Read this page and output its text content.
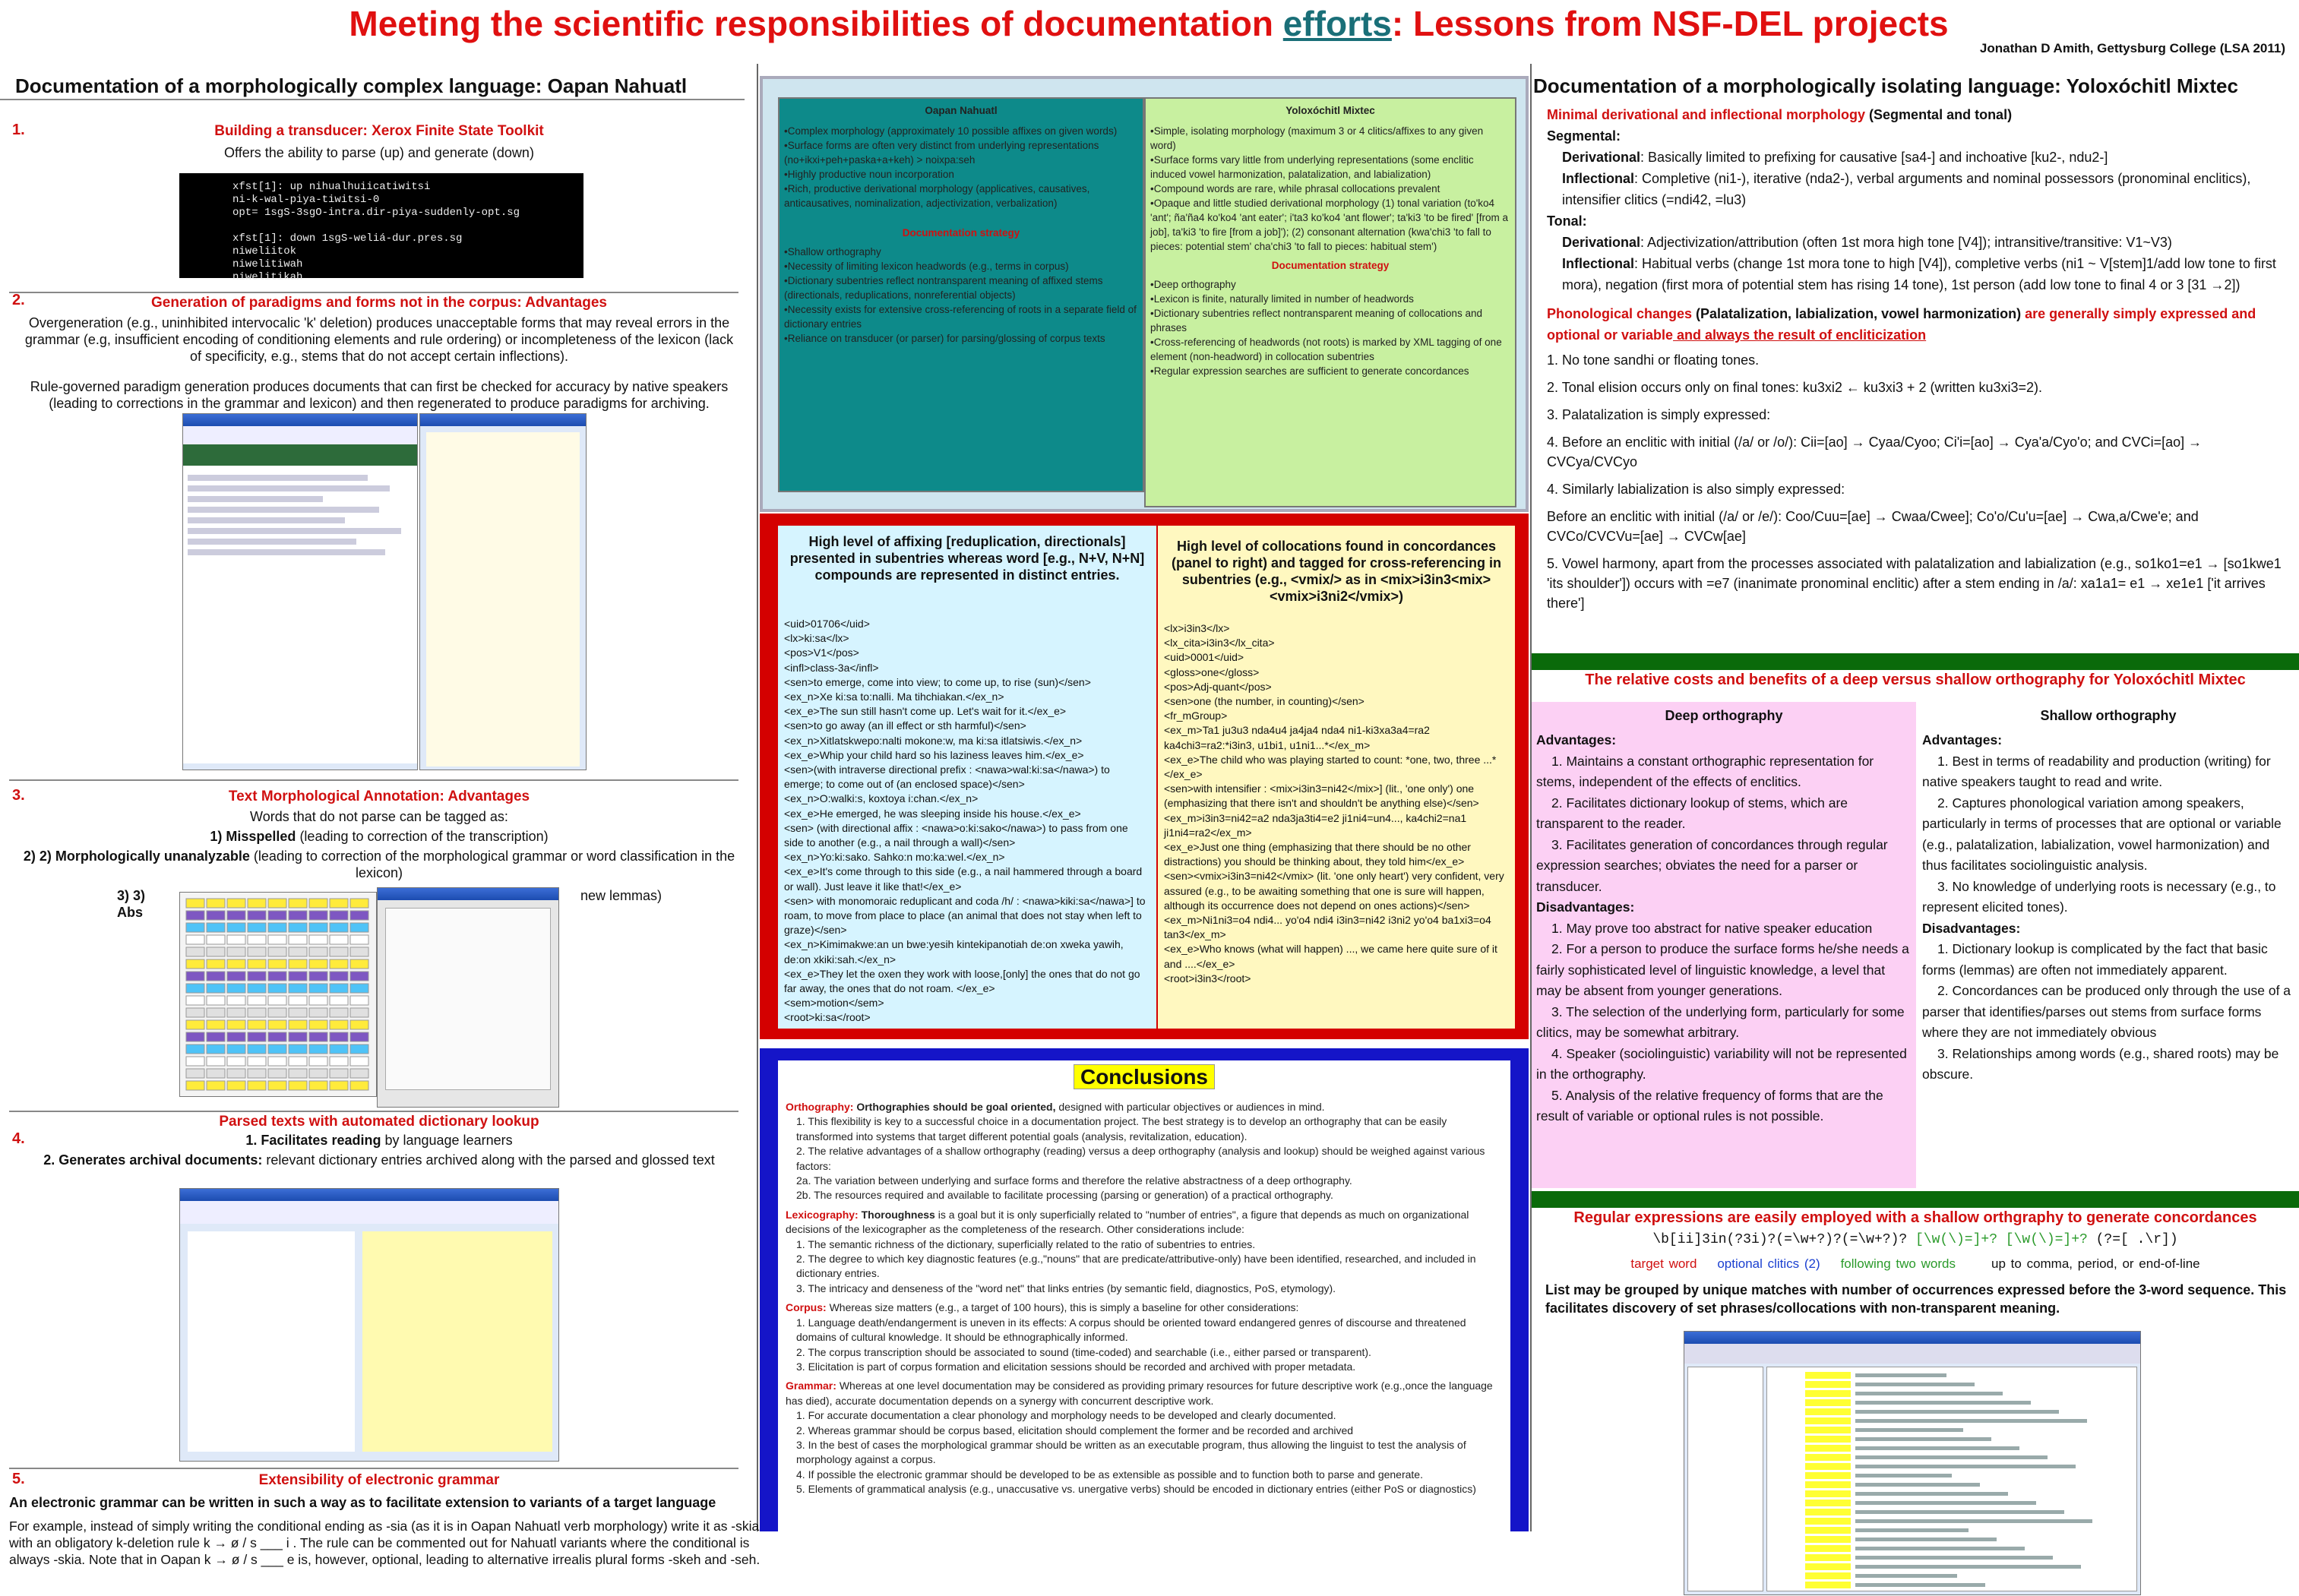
Meeting the scientific responsibilities of documentation efforts: Lessons from NSF-DEL projects
Jonathan D Amith, Gettysburg College (LSA 2011)
Documentation of a morphologically complex language: Oapan Nahuatl
1.	Building a transducer: Xerox Finite State Toolkit
Offers the ability to parse (up) and generate (down)
xfst[1]: up nihualhuiicatiwitsi
ni-k-wal-piya-tiwitsi-0
opt= 1sgS-3sgO-intra.dir-piya-suddenly-opt.sg
xfst[1]: down 1sgS-weliá-dur.pres.sg
niweliitok
niwelitiwah
niwelitikah
2.	Generation of paradigms and forms not in the corpus: Advantages
Overgeneration (e.g., uninhibited intervocalic 'k' deletion) produces unacceptable forms that may reveal errors in the grammar (e.g, insufficient encoding of conditioning elements and rule ordering) or incompleteness of the lexicon (lack of specificity, e.g., stems that do not accept certain inflections).
Rule-governed paradigm generation produces documents that can first be checked for accuracy by native speakers (leading to corrections in the grammar and lexicon) and then regenerated to produce paradigms for archiving.
3.	Text Morphological Annotation: Advantages
Words that do not parse can be tagged as:
1) Misspelled (leading to correction of the transcription)
2) 2) Morphologically unanalyzable (leading to correction of the morphological grammar or word classification in the lexicon)
3) 3) Abs
new lemmas)
4.
Parsed texts with automated dictionary lookup
1. Facilitates reading by language learners
2. Generates archival documents: relevant dictionary entries archived along with the parsed and glossed text
5.	Extensibility of electronic grammar
An electronic grammar can be written in such a way as to facilitate extension to variants of a target language
For example, instead of simply writing the conditional ending as -sia (as it is in Oapan Nahuatl verb morphology) write it as -skia with an obligatory k-deletion rule k → ø / s ___ i . The rule can be commented out for Nahuatl variants where the conditional is always -skia. Note that in Oapan k → ø / s ___ e is, however, optional, leading to alternative irrealis plural forms -skeh and -seh.
Oapan Nahuatl
•Complex morphology (approximately 10 possible affixes on given words)
•Surface forms are often very distinct from underlying representations (no+ikxi+peh+paska+a+keh) > noixpa:seh
•Highly productive noun incorporation
•Rich, productive derivational morphology (applicatives, causatives, anticausatives, nominalization, adjectivization, verbalization)
Documentation strategy
•Shallow orthography
•Necessity of limiting lexicon headwords (e.g., terms in corpus)
•Dictionary subentries reflect nontransparent meaning of affixed stems (directionals, reduplications, nonreferential objects)
•Necessity exists for extensive cross-referencing of roots in a separate field of dictionary entries
•Reliance on transducer (or parser) for parsing/glossing of corpus texts
Yoloxóchitl Mixtec
•Simple, isolating morphology (maximum 3 or 4 clitics/affixes to any given word)
•Surface forms vary little from underlying representations (some enclitic induced vowel harmonization, palatalization, and labialization)
•Compound words are rare, while phrasal collocations prevalent
•Opaque and little studied derivational morphology (1) tonal variation (to'ko4 'ant'; ña'ña4 ko'ko4 'ant eater'; i'ta3 ko'ko4 'ant flower'; ta'ki3 'to be fired' [from a job], ta'ki3 'to fire [from a job]'); (2) consonant alternation (kwa'chi3 'to fall to pieces: potential stem' cha'chi3 'to fall to pieces: habitual stem')
Documentation strategy
•Deep orthography
•Lexicon is finite, naturally limited in number of headwords
•Dictionary subentries reflect nontransparent meaning of collocations and phrases
•Cross-referencing of headwords (not roots) is marked by XML tagging of one element (non-headword) in collocation subentries
•Regular expression searches are sufficient to generate concordances
High level of affixing [reduplication, directionals] presented in subentries whereas word [e.g., N+V, N+N] compounds are represented in distinct entries.
<uid>01706</uid>
<lx>ki:sa</lx>
<pos>V1</pos>
<infl>class-3a</infl>
<sen>to emerge, come into view; to come up, to rise (sun)</sen>
<ex_n>Xe ki:sa to:nalli. Ma tihchiakan.</ex_n>
<ex_e>The sun still hasn't come up. Let's wait for it.</ex_e>
<sen>to go away (an ill effect or sth harmful)</sen>
<ex_n>Xitlatskwepo:nalti mokone:w, ma ki:sa itlatsiwis.</ex_n>
<ex_e>Whip your child hard so his laziness leaves him.</ex_e>
<sen>(with intraverse directional prefix : <nawa>wal:ki:sa</nawa>) to emerge; to come out of (an enclosed space)</sen>
<ex_n>O:walki:s, koxtoya i:chan.</ex_n>
<ex_e>He emerged, he was sleeping inside his house.</ex_e>
<sen> (with directional affix : <nawa>o:ki:sako</nawa>) to pass from one side to another (e.g., a nail through a wall)</sen>
<ex_n>Yo:ki:sako. Sahko:n mo:ka:wel.</ex_n>
<ex_e>It's come through to this side (e.g., a nail hammered through a board or wall). Just leave it like that!</ex_e>
<sen> with monomoraic reduplicant and coda /h/ : <nawa>kiki:sa</nawa>] to roam, to move from place to place (an animal that does not stay when left to graze)</sen>
<ex_n>Kimimakwe:an un bwe:yesih kintekipanotiah de:on xweka yawih, de:on xkiki:sah.</ex_n>
<ex_e>They let the oxen they work with loose,[only] the ones that do not go far away, the ones that do not roam. </ex_e>
<sem>motion</sem>
<root>ki:sa</root>
High level of collocations found in concordances (panel to right) and tagged for cross-referencing in subentries (e.g., <vmix/> as in <mix>i3in3<mix> <vmix>i3ni2</vmix>)
<lx>i3in3</lx>
<lx_cita>i3in3</lx_cita>
<uid>0001</uid>
<gloss>one</gloss>
<pos>Adj-quant</pos>
<sen>one (the number, in counting)</sen>
<fr_mGroup>
<ex_m>Ta1 ju3u3 nda4u4 ja4ja4 nda4 ni1-ki3xa3a4=ra2 ka4chi3=ra2:*i3in3, u1bi1, u1ni1...*</ex_m>
<ex_e>The child who was playing started to count: *one, two, three ...*</ex_e>
<sen>with intensifier : <mix>i3in3=ni42</mix>] (lit., 'one only') one (emphasizing that there isn't and shouldn't be anything else)</sen>
<ex_m>i3in3=ni42=a2 nda3ja3ti4=e2 ji1ni4=un4..., ka4chi2=na1 ji1ni4=ra2</ex_m>
<ex_e>Just one thing (emphasizing that there should be no other distractions) you should be thinking about, they told him</ex_e>
<sen><vmix>i3in3=ni42</vmix> (lit. 'one only heart') very confident, very assured (e.g., to be awaiting something that one is sure will happen, although its occurrence does not depend on ones actions)</sen>
<ex_m>Ni1ni3=o4 ndi4... yo'o4 ndi4 i3in3=ni42 i3ni2 yo'o4 ba1xi3=o4 tan3</ex_m>
<ex_e>Who knows (what will happen) ..., we came here quite sure of it and ....</ex_e>
<root>i3in3</root>
Conclusions
Orthography: Orthographies should be goal oriented, designed with particular objectives or audiences in mind.
1. This flexibility is key to a successful choice in a documentation project. The best strategy is to develop an orthography that can be easily transformed into systems that target different potential goals (analysis, revitalization, education).
2. The relative advantages of a shallow orthography (reading) versus a deep orthography (analysis and lookup) should be weighed against various factors:
2a. The variation between underlying and surface forms and therefore the relative abstractness of a deep orthography.
2b. The resources required and available to facilitate processing (parsing or generation) of a practical orthography.
Lexicography: Thoroughness is a goal but it is only superficially related to "number of entries", a figure that depends as much on organizational decisions of the lexicographer as the completeness of the research. Other considerations include:
1. The semantic richness of the dictionary, superficially related to the ratio of subentries to entries.
2. The degree to which key diagnostic features (e.g.,"nouns" that are predicate/attributive-only) have been identified, researched, and included in dictionary entries.
3. The intricacy and denseness of the "word net" that links entries (by semantic field, diagnostics, PoS, etymology).
Corpus: Whereas size matters (e.g., a target of 100 hours), this is simply a baseline for other considerations:
1. Language death/endangerment is uneven in its effects: A corpus should be oriented toward endangered genres of discourse and threatened domains of cultural knowledge. It should be ethnographically informed.
2. The corpus transcription should be associated to sound (time-coded) and searchable (i.e., either parsed or transparent).
3. Elicitation is part of corpus formation and elicitation sessions should be recorded and archived with proper metadata.
Grammar: Whereas at one level documentation may be considered as providing primary resources for future descriptive work (e.g.,once the language has died), accurate documentation depends on a synergy with concurrent descriptive work.
1. For accurate documentation a clear phonology and morphology needs to be developed and clearly documented.
2. Whereas grammar should be corpus based, elicitation should complement the former and be recorded and archived
3. In the best of cases the morphological grammar should be written as an executable program, thus allowing the linguist to test the analysis of morphology against a corpus.
4. If possible the electronic grammar should be developed to be as extensible as possible and to function both to parse and generate.
5. Elements of grammatical analysis (e.g., unaccusative vs. unergative verbs) should be encoded in dictionary entries (either PoS or diagnostics)
Documentation of a morphologically isolating language: Yoloxóchitl Mixtec
Minimal derivational and inflectional morphology (Segmental and tonal)
Segmental:
Derivational: Basically limited to prefixing for causative [sa4-] and inchoative [ku2-, ndu2-]
Inflectional: Completive (ni1-), iterative (nda2-), verbal arguments and nominal possessors (pronominal enclitics), intensifier clitics (=ndi42, =lu3)
Tonal:
Derivational: Adjectivization/attribution (often 1st mora high tone [V4]); intransitive/transitive: V1~V3)
Inflectional: Habitual verbs (change 1st mora tone to high [V4]), completive verbs (ni1 ~ V[stem]1/add low tone to first mora), negation (first mora of potential stem has rising 14 tone), 1st person (add low tone to final 4 or 3 [31 →2])
Phonological changes (Palatalization, labialization, vowel harmonization) are generally simply expressed and optional or variable and always the result of encliticization
1. No tone sandhi or floating tones.
2. Tonal elision occurs only on final tones: ku3xi2 ← ku3xi3 + 2 (written ku3xi3=2).
3. Palatalization is simply expressed:
4. Before an enclitic with initial (/a/ or /o/): Cii=[ao] → Cyaa/Cyoo; Ci'i=[ao] → Cya'a/Cyo'o; and CVCi=[ao] → CVCya/CVCyo
4. Similarly labialization is also simply expressed:
Before an enclitic with initial (/a/ or /e/): Coo/Cuu=[ae] → Cwaa/Cwee]; Co'o/Cu'u=[ae] → Cwa,a/Cwe'e; and CVCo/CVCVu=[ae] → CVCw[ae]
5. Vowel harmony, apart from the processes associated with palatalization and labialization (e.g., so1ko1=e1 → [so1kwe1 'its shoulder']) occurs with =e7 (inanimate pronominal enclitic) after a stem ending in /a/: xa1a1= e1 → xe1e1 ['it arrives there']
The relative costs and benefits of a deep versus shallow orthography for Yoloxóchitl Mixtec
Deep orthography
Advantages:
1. Maintains a constant orthographic representation for stems, independent of the effects of enclitics.
2. Facilitates dictionary lookup of stems, which are transparent to the reader.
3. Facilitates generation of concordances through regular expression searches; obviates the need for a parser or transducer.
Disadvantages:
1. May prove too abstract for native speaker education
2. For a person to produce the surface forms he/she needs a fairly sophisticated level of linguistic knowledge, a level that may be absent from younger generations.
3. The selection of the underlying form, particularly for some clitics, may be somewhat arbitrary.
4. Speaker (sociolinguistic) variability will not be represented in the orthography.
5. Analysis of the relative frequency of forms that are the result of variable or optional rules is not possible.
Shallow orthography
Advantages:
1. Best in terms of readability and production (writing) for native speakers taught to read and write.
2. Captures phonological variation among speakers, particularly in terms of processes that are optional or variable (e.g., palatalization, labialization, vowel harmonization) and thus facilitates sociolinguistic analysis.
3. No knowledge of underlying roots is necessary (e.g., to represent elicited tones).
Disadvantages:
1. Dictionary lookup is complicated by the fact that basic forms (lemmas) are often not immediately apparent.
2. Concordances can be produced only through the use of a parser that identifies/parses out stems from surface forms where they are not immediately obvious
3. Relationships among words (e.g., shared roots) may be obscure.
Regular expressions are easily employed with a shallow orthgraphy to generate concordances
\b[ii]3in(?3i)?(=\w+?)?(=\w+?)? [\w(\)=]+? [\w(\)=]+? (?=[ .\r])
target word optional clitics (2) following two words	up to comma, period, or end-of-line
List may be grouped by unique matches with number of occurrences expressed before the 3-word sequence. This facilitates discovery of set phrases/collocations with non-transparent meaning.
